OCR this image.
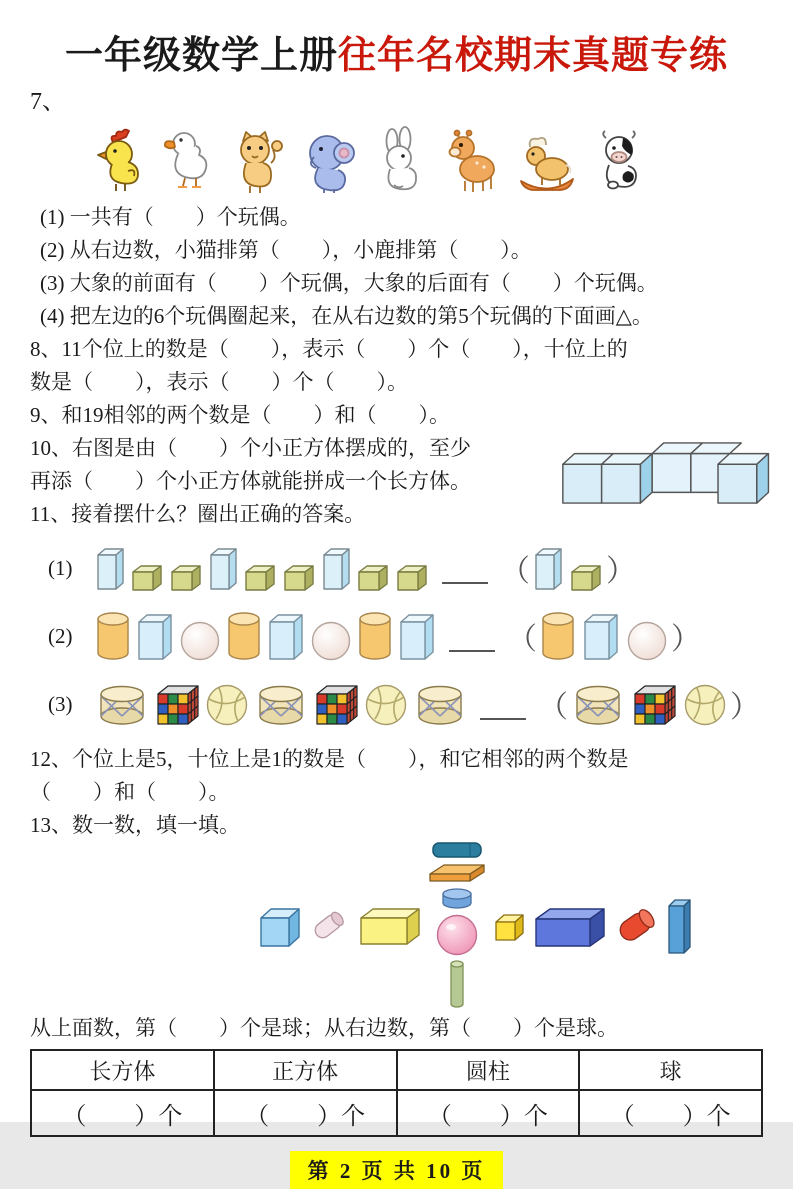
一年级数学上册往年名校期末真题专练
7、
(1) 一共有（　　）个玩偶。
(2) 从右边数，小猫排第（　　），小鹿排第（　　）。
(3) 大象的前面有（　　）个玩偶，大象的后面有（　　）个玩偶。
(4) 把左边的6个玩偶圈起来，在从右边数的第5个玩偶的下面画△。
8、11个位上的数是（　　），表示（　　）个（　　），十位上的
数是（　　），表示（　　）个（　　）。
9、和19相邻的两个数是（　　）和（　　）。
10、右图是由（　　）个小正方体摆成的，至少
再添（　　）个小正方体就能拼成一个长方体。
11、接着摆什么？圈出正确的答案。
(1)	（	）
(2)	（	）
(3)	（	）
12、个位上是5，十位上是1的数是（　　），和它相邻的两个数是
（　　）和（　　）。
13、数一数，填一填。
从上面数，第（　　）个是球；从右边数，第（　　）个是球。
长方体	正方体	圆柱	球
（　　）个	（　　）个	（　　）个	（　　）个
第 2 页 共 10 页
